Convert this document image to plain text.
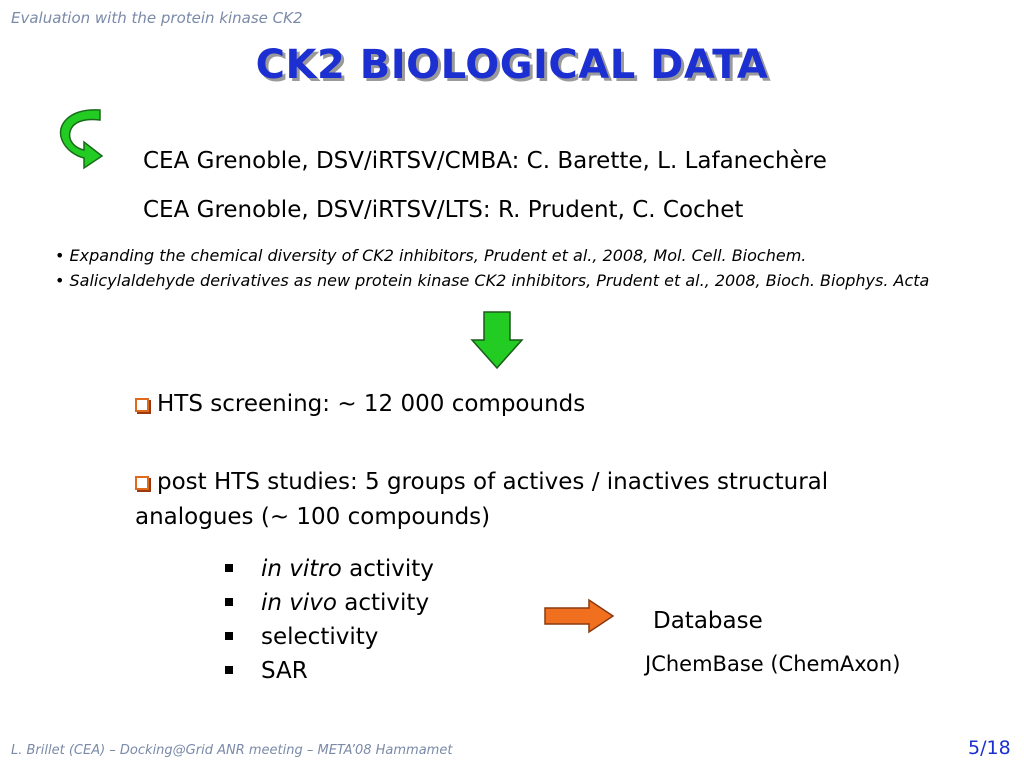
Evaluation with the protein kinase CK2
CK2 BIOLOGICAL DATA
CEA Grenoble, DSV/iRTSV/CMBA: C. Barette, L. Lafanechère
CEA Grenoble, DSV/iRTSV/LTS: R. Prudent, C. Cochet
• Expanding the chemical diversity of CK2 inhibitors, Prudent et al., 2008, Mol. Cell. Biochem.
• Salicylaldehyde derivatives as new protein kinase CK2 inhibitors, Prudent et al., 2008, Bioch. Biophys. Acta
HTS screening: ~ 12 000 compounds
post HTS studies: 5 groups of actives / inactives structural analogues (~ 100 compounds)
in vitro activity
in vivo activity
selectivity
SAR
Database
JChemBase (ChemAxon)
L. Brillet (CEA) – Docking@Grid ANR meeting – META’08 Hammamet	5/18
